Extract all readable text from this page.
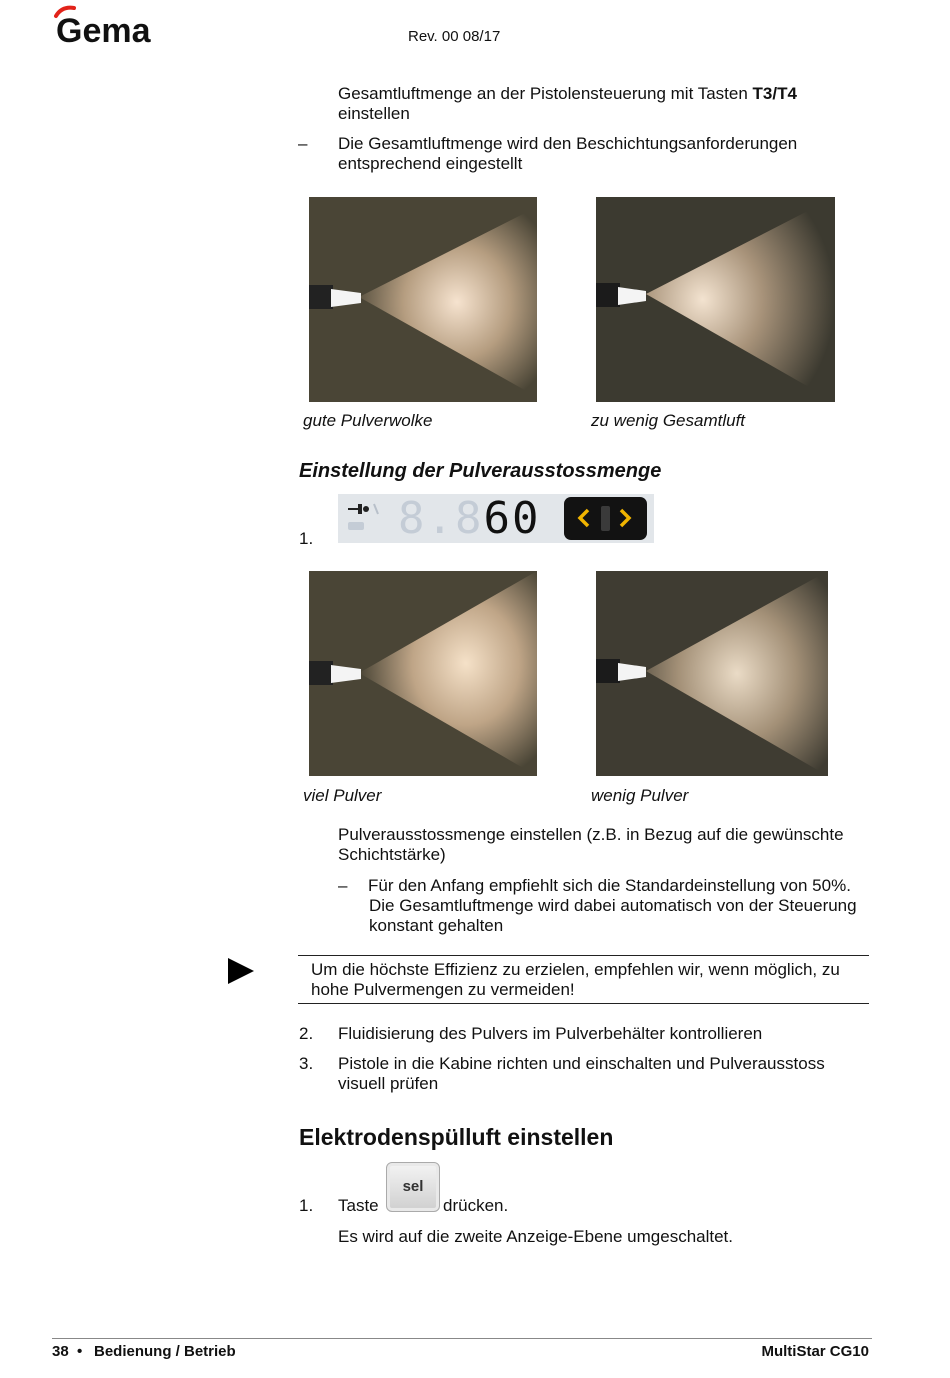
Gema	Rev. 00 08/17
Gesamtluftmenge an der Pistolensteuerung mit Tasten T3/T4
einstellen
– Die Gesamtluftmenge wird den Beschichtungsanforderungen
entsprechend eingestellt
gute Pulverwolke	zu wenig Gesamtluft
Einstellung der Pulverausstossmenge
1. 8.860
viel Pulver	wenig Pulver
Pulverausstossmenge einstellen (z.B. in Bezug auf die gewünschte
Schichtstärke)
– Für den Anfang empfiehlt sich die Standardeinstellung von 50%.
Die Gesamtluftmenge wird dabei automatisch von der Steuerung
konstant gehalten
Um die höchste Effizienz zu erzielen, empfehlen wir, wenn möglich, zu
hohe Pulvermengen zu vermeiden!
2. Fluidisierung des Pulvers im Pulverbehälter kontrollieren
3. Pistole in die Kabine richten und einschalten und Pulverausstoss
visuell prüfen
Elektrodenspülluft einstellen
1. Taste
sel
drücken.
Es wird auf die zweite Anzeige-Ebene umgeschaltet.
38 • Bedienung / Betrieb	MultiStar CG10
